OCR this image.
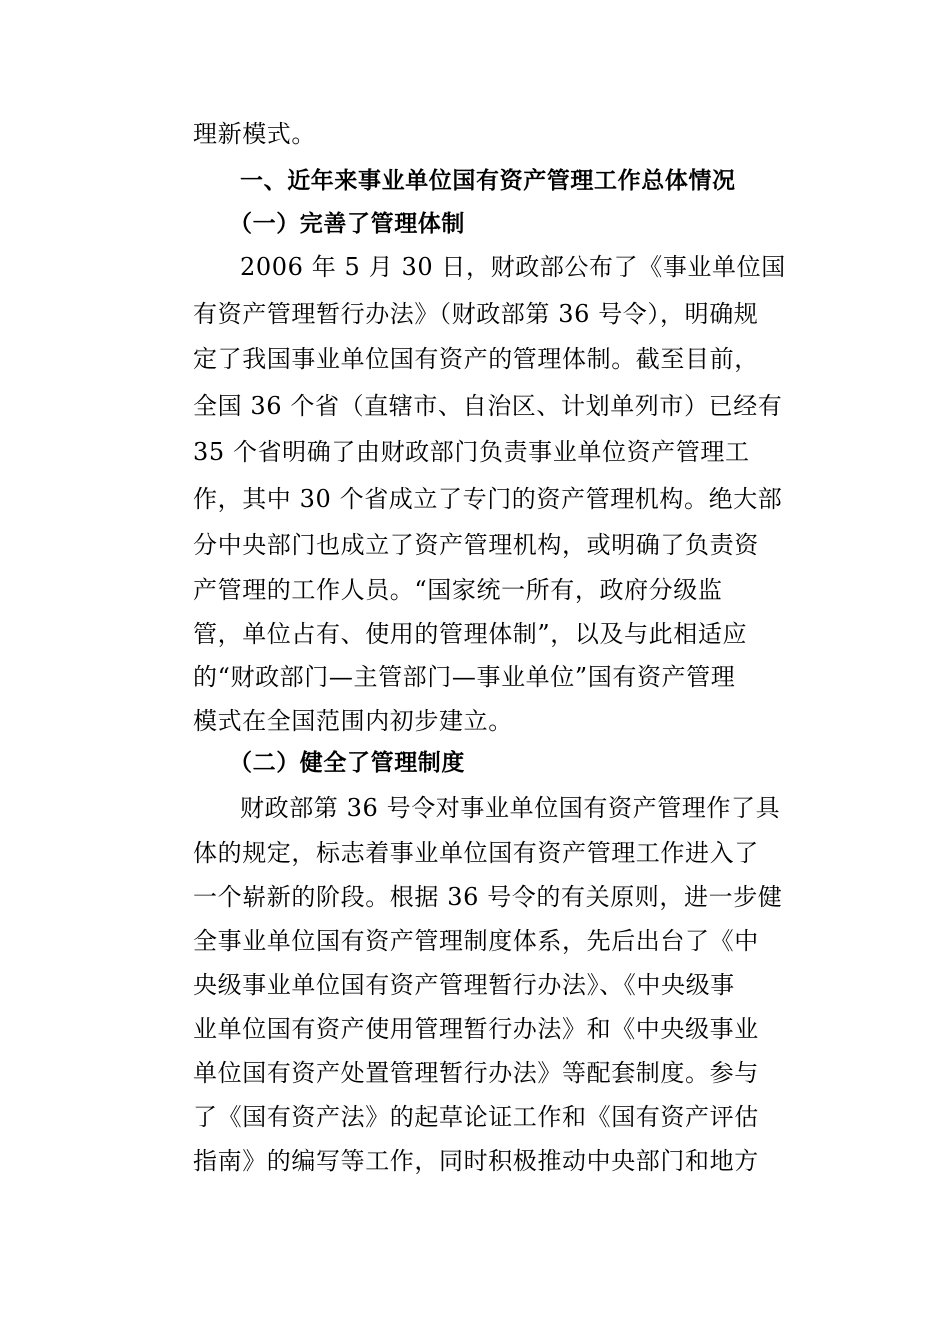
理新模式。
一、近年来事业单位国有资产管理工作总体情况
（一）完善了管理体制
2006 年 5 月 30 日，财政部公布了《事业单位国
有资产管理暂行办法》（财政部第 36 号令），明确规
定了我国事业单位国有资产的管理体制。截至目前，
全国 36 个省（直辖市、自治区、计划单列市）已经有
35 个省明确了由财政部门负责事业单位资产管理工
作，其中 30 个省成立了专门的资产管理机构。绝大部
分中央部门也成立了资产管理机构，或明确了负责资
产管理的工作人员。“国家统一所有，政府分级监
管，单位占有、使用的管理体制”，以及与此相适应
的“财政部门—主管部门—事业单位”国有资产管理
模式在全国范围内初步建立。
（二）健全了管理制度
财政部第 36 号令对事业单位国有资产管理作了具
体的规定，标志着事业单位国有资产管理工作进入了
一个崭新的阶段。根据 36 号令的有关原则，进一步健
全事业单位国有资产管理制度体系，先后出台了《中
央级事业单位国有资产管理暂行办法》、《中央级事
业单位国有资产使用管理暂行办法》和《中央级事业
单位国有资产处置管理暂行办法》等配套制度。参与
了《国有资产法》的起草论证工作和《国有资产评估
指南》的编写等工作，同时积极推动中央部门和地方
